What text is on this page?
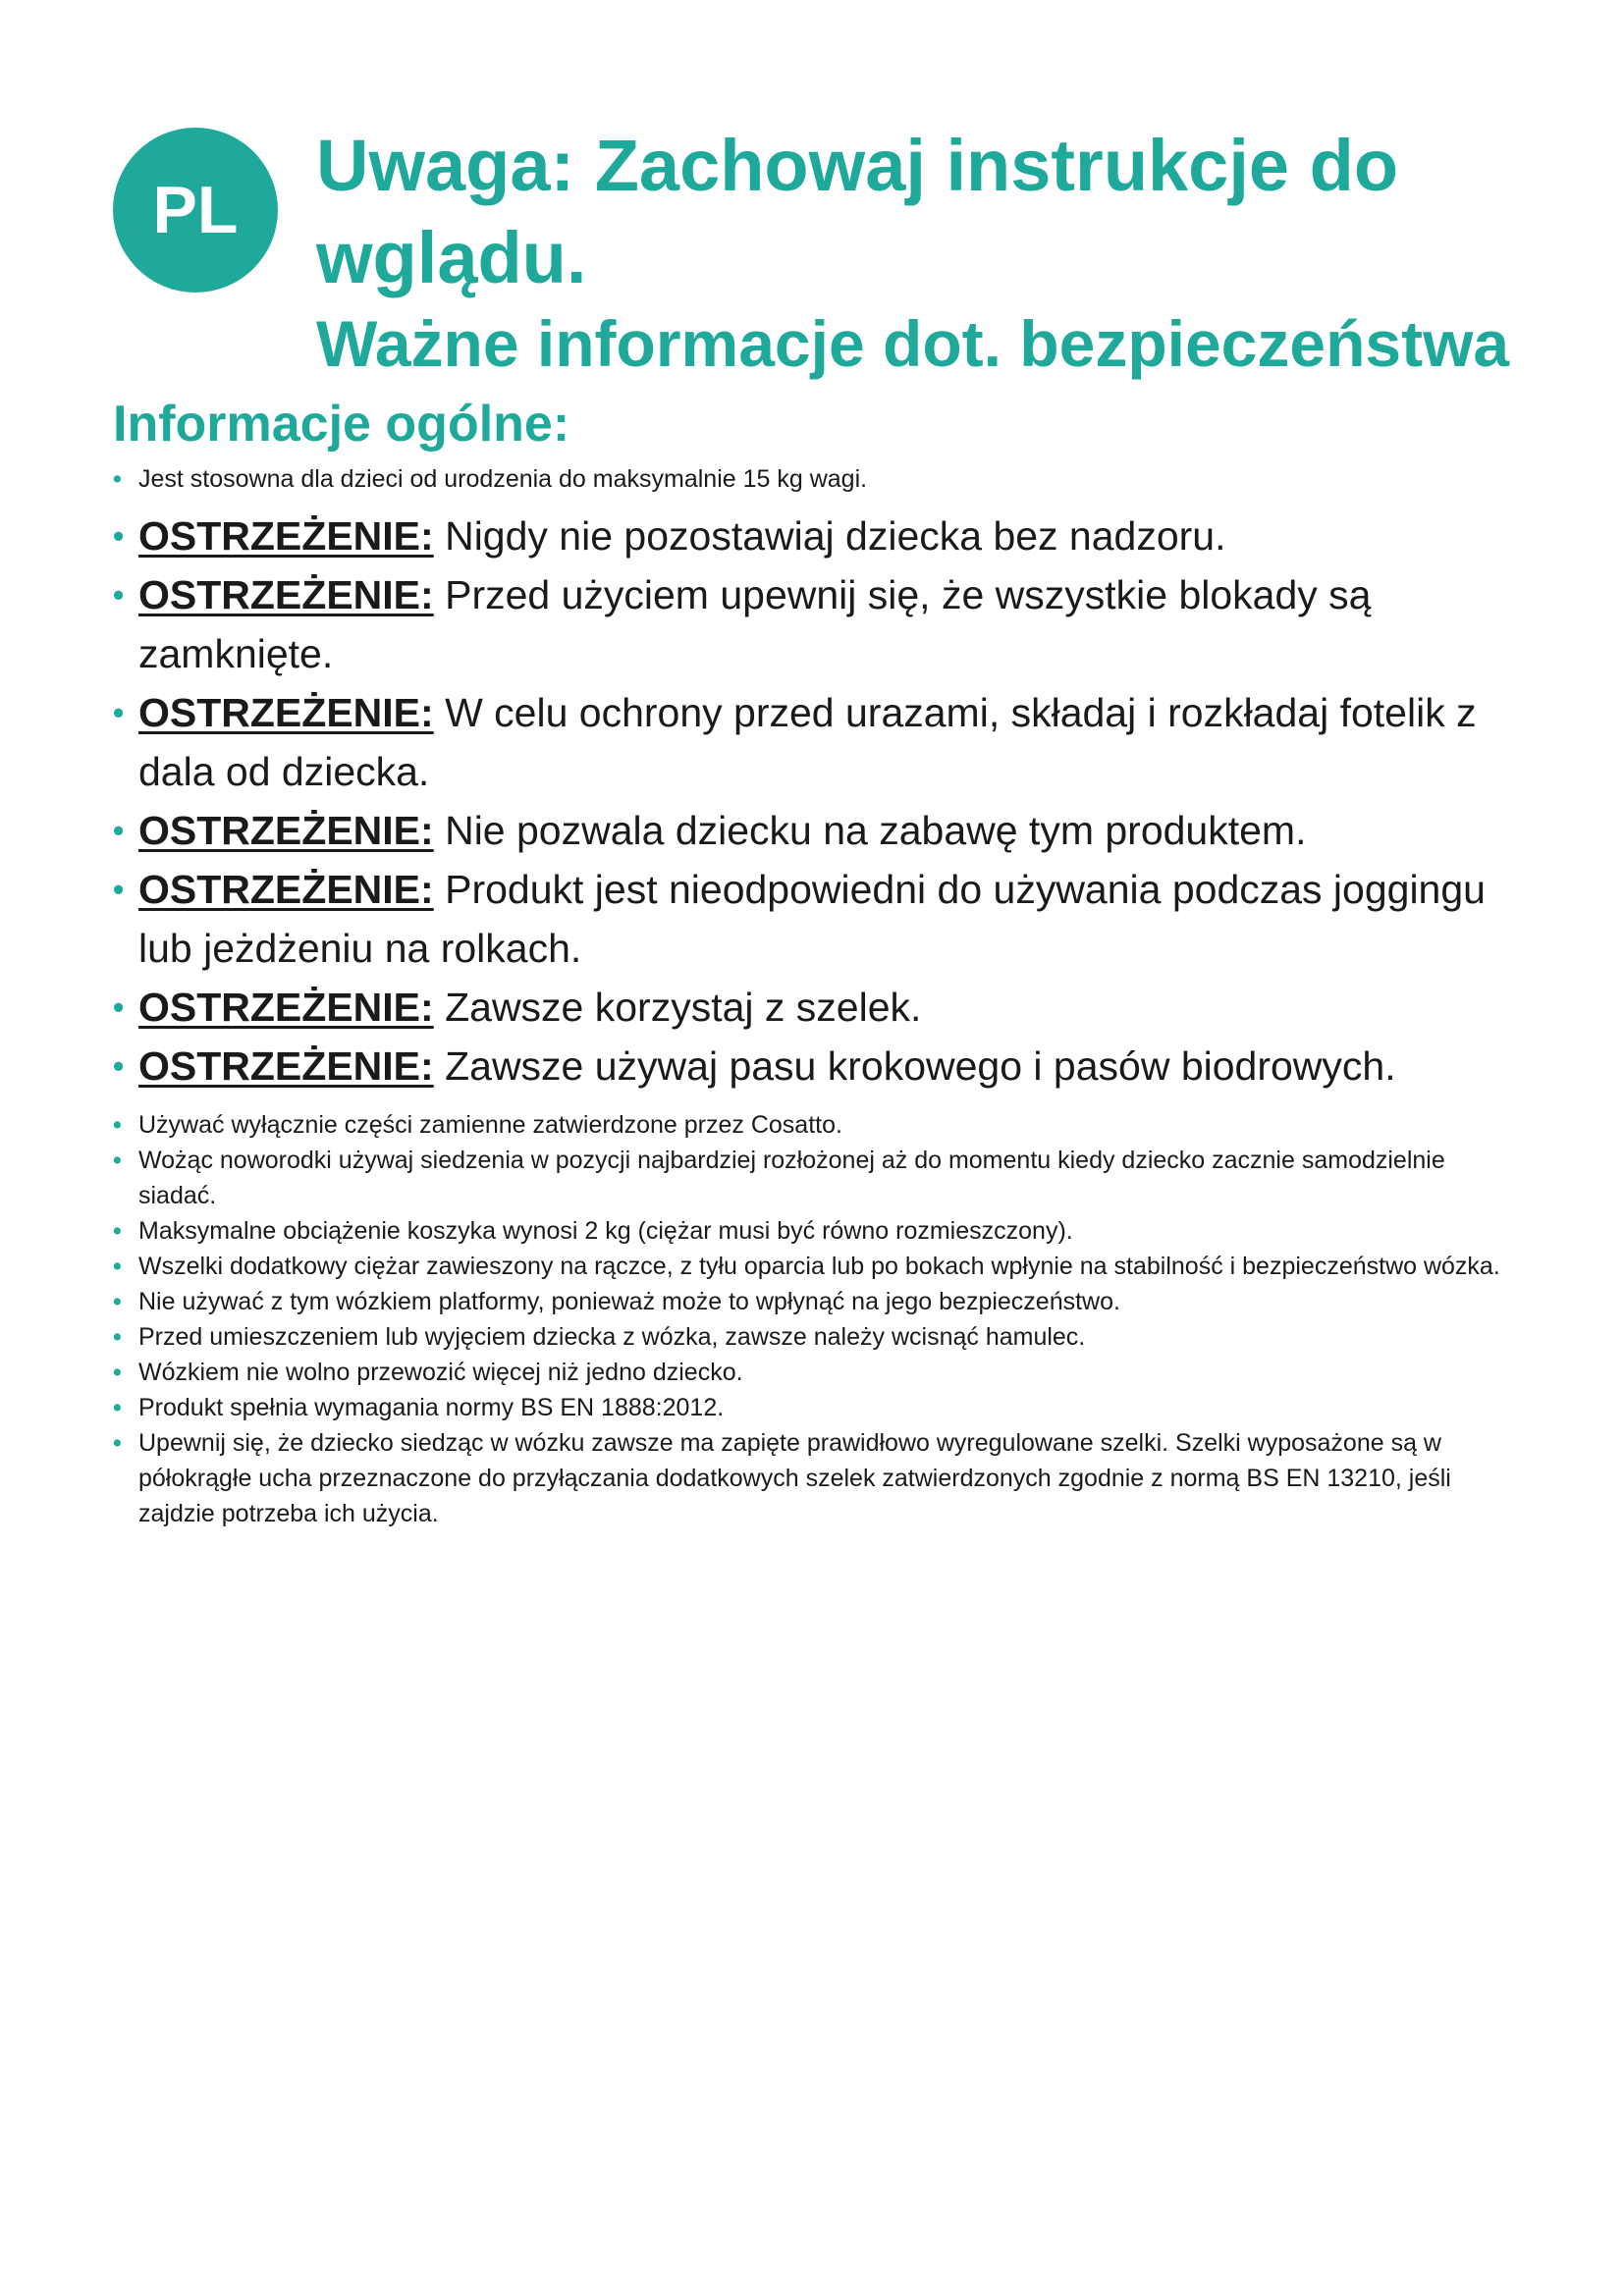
PL
Uwaga: Zachowaj instrukcje do wglądu.
Ważne informacje dot. bezpieczeństwa
Informacje ogólne:
• Jest stosowna dla dzieci od urodzenia do maksymalnie 15 kg wagi.
• OSTRZEŻENIE: Nigdy nie pozostawiaj dziecka bez nadzoru.
• OSTRZEŻENIE: Przed użyciem upewnij się, że wszystkie blokady są zamknięte.
• OSTRZEŻENIE: W celu ochrony przed urazami, składaj i rozkładaj fotelik z dala od dziecka.
• OSTRZEŻENIE: Nie pozwala dziecku na zabawę tym produktem.
• OSTRZEŻENIE: Produkt jest nieodpowiedni do używania podczas joggingu lub jeżdżeniu na rolkach.
• OSTRZEŻENIE: Zawsze korzystaj z szelek.
• OSTRZEŻENIE: Zawsze używaj pasu krokowego i pasów biodrowych.
• Używać wyłącznie części zamienne zatwierdzone przez Cosatto.
• Wożąc noworodki używaj siedzenia w pozycji najbardziej rozłożonej aż do momentu kiedy dziecko zacznie samodzielnie siadać.
• Maksymalne obciążenie koszyka wynosi 2 kg (ciężar musi być równo rozmieszczony).
• Wszelki dodatkowy ciężar zawieszony na rączce, z tyłu oparcia lub po bokach wpłynie na stabilność i bezpieczeństwo wózka.
• Nie używać z tym wózkiem platformy, ponieważ może to wpłynąć na jego bezpieczeństwo.
• Przed umieszczeniem lub wyjęciem dziecka z wózka, zawsze należy wcisnąć hamulec.
• Wózkiem nie wolno przewozić więcej niż jedno dziecko.
• Produkt spełnia wymagania normy BS EN 1888:2012.
• Upewnij się, że dziecko siedząc w wózku zawsze ma zapięte prawidłowo wyregulowane szelki. Szelki wyposażone są w półokrągłe ucha przeznaczone do przyłączania dodatkowych szelek zatwierdzonych zgodnie z normą BS EN 13210, jeśli zajdzie potrzeba ich użycia.
